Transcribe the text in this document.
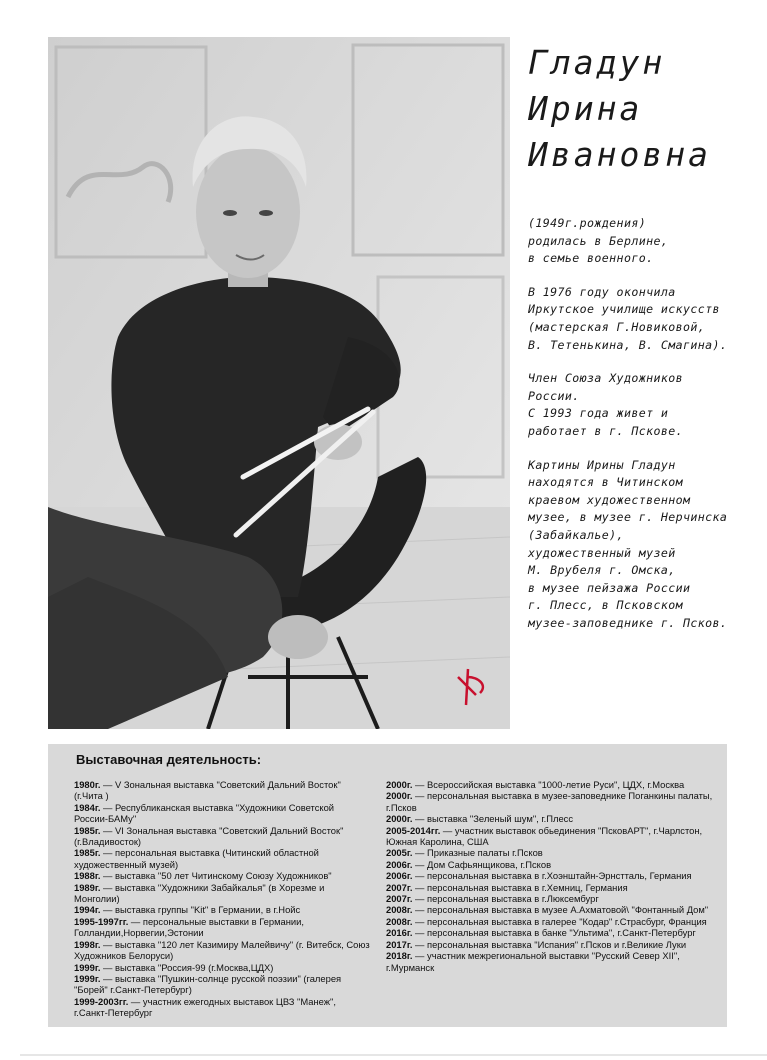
Гладун
Ирина
Ивановна

(1949г.рождения)
родилась в Берлине,
в семье военного.

В 1976 году окончила
Иркутское училище искусств
(мастерская Г.Новиковой,
В. Тетенькина, В. Смагина).

Член Союза Художников
России.
С 1993 года живет и
работает в г. Пскове.

Картины Ирины Гладун
находятся в Читинском
краевом художественном
музее, в музее г. Нерчинска
(Забайкалье),
художественный музей
М. Врубеля г. Омска,
в музее пейзажа России
г. Плесс, в Псковском
музее-заповеднике г. Псков.

Выставочная деятельность:

1980г. — V Зональная выставка "Советский Дальний Восток" (г.Чита )

1984г. — Республиканская выставка "Художники Советской России-БАМу"

1985г. — VI Зональная выставка "Советский Дальний Восток" (г.Владивосток)

1985г. — персональная выставка (Читинский областной художественный музей)

1988г. — выставка "50 лет Читинскому Союзу Художников"

1989г. — выставка "Художники Забайкалья" (в Хорезме и Монголии)

1994г. — выставка группы "Kit" в Германии, в г.Нойс

1995-1997гг. — персональные выставки в Германии, Голландии,Норвегии,Эстонии

1998г. — выставка "120 лет Казимиру Малейвичу" (г. Витебск, Союз Художников Белоруси)

1999г. — выставка "Россия-99 (г.Москва,ЦДХ)

1999г. — выставка "Пушкин-солнце русской поэзии" (галерея "Борей" г.Санкт-Петербург)

1999-2003гг. — участник ежегодных выставок ЦВЗ "Манеж", г.Санкт-Петербург

2000г. — Всероссийская выставка "1000-летие Руси", ЦДХ, г.Москва

2000г. — персональная выставка в музее-заповеднике Поганкины палаты, г.Псков

2000г. — выставка "Зеленый шум", г.Плесс

2005-2014гг. — участник выставок обьединения "ПсковАРТ", г.Чарлстон, Южная Каролина, США

2005г. — Приказные палаты г.Псков

2006г. — Дом Сафьянщикова, г.Псков

2006г. — персональная выставка в г.Хоэнштайн-Эрнстталь, Германия

2007г. — персональная выставка в г.Хемниц, Германия

2007г. — персональная выставка в г.Люксембург

2008г. — персональная выставка в музее А.Ахматовой\ "Фонтанный Дом"

2008г. — персональная выставка в галерее "Кодар" г.Страсбург, Франция

2016г. — персональная выставка в банке "Ультима", г.Санкт-Петербург

2017г. — персональная выставка "Испания" г.Псков и г.Великие Луки

2018г. — участник межрегиональной выставки "Русский Север XII", г.Мурманск
